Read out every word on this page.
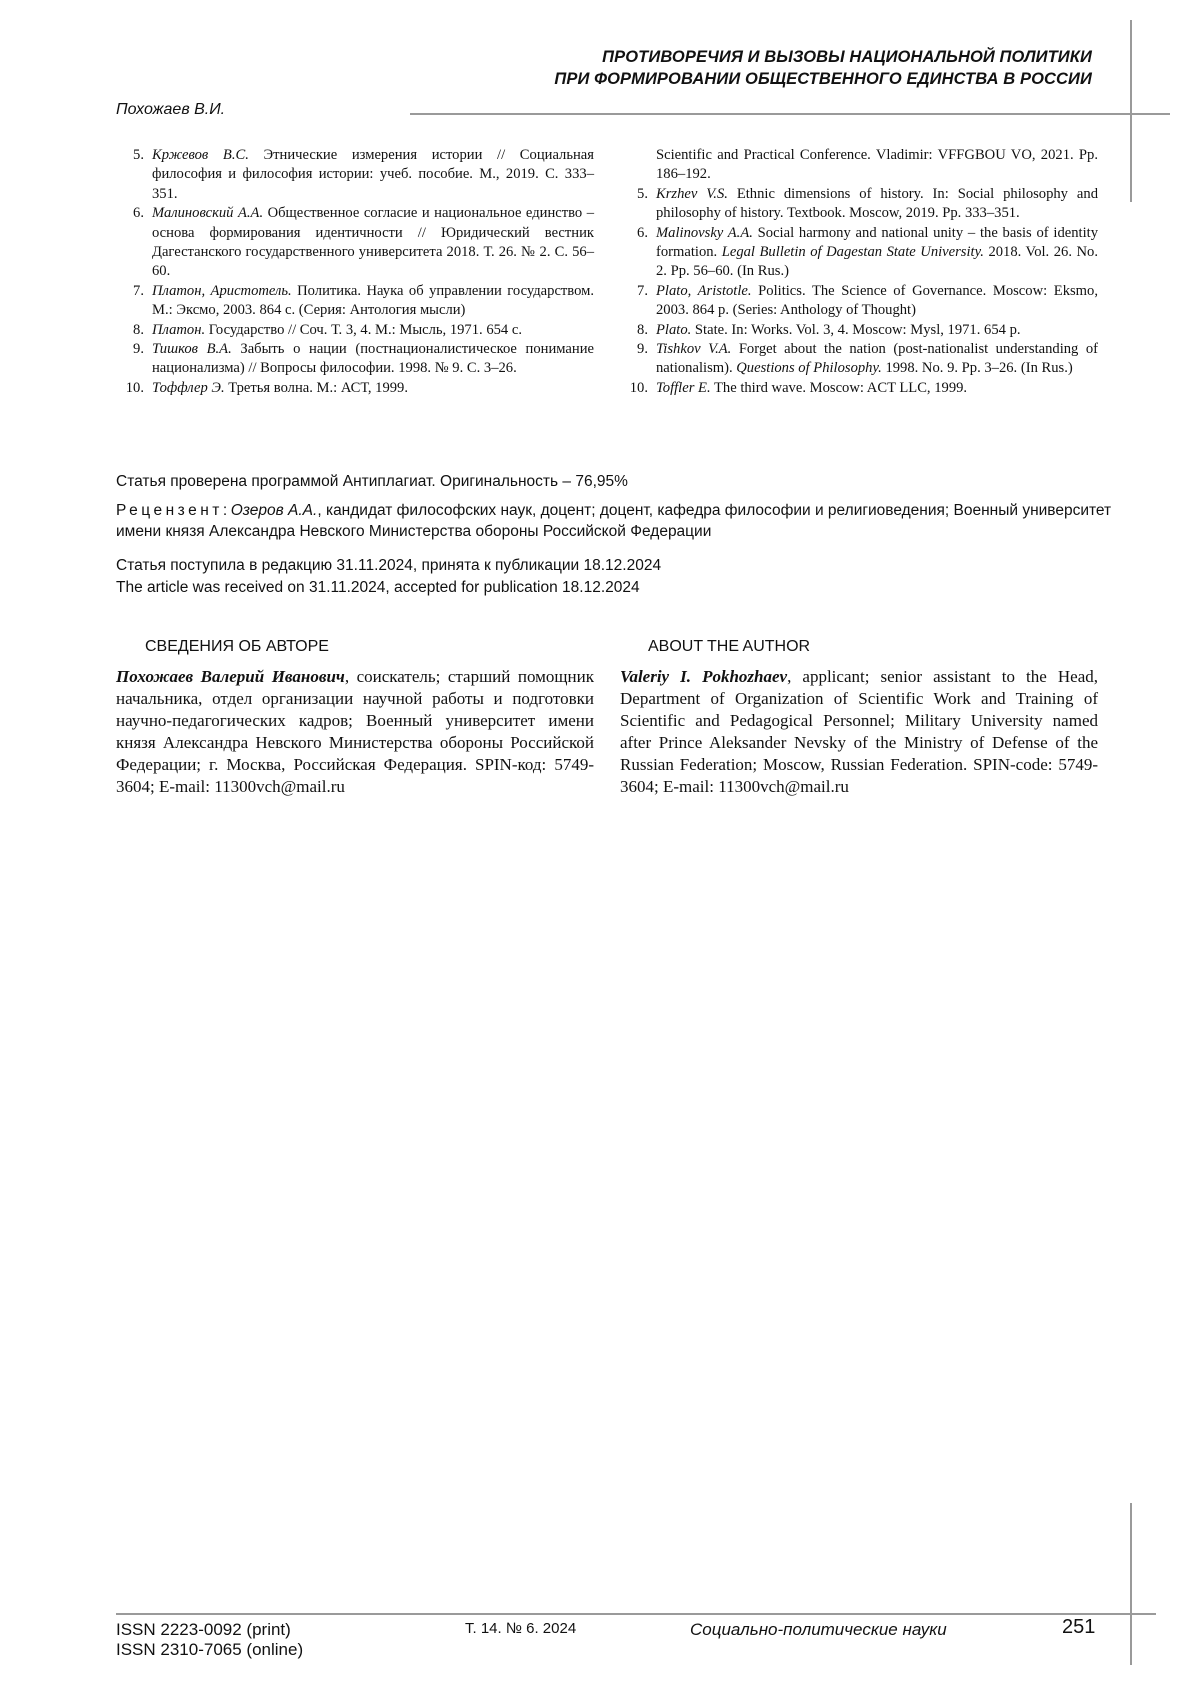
ПРОТИВОРЕЧИЯ И ВЫЗОВЫ НАЦИОНАЛЬНОЙ ПОЛИТИКИ
ПРИ ФОРМИРОВАНИИ ОБЩЕСТВЕННОГО ЕДИНСТВА В РОССИИ
Похожаев В.И.
5. Кржевов В.С. Этнические измерения истории // Социальная философия и философия истории: учеб. пособие. М., 2019. С. 333–351.
6. Малиновский А.А. Общественное согласие и национальное единство – основа формирования идентичности // Юридический вестник Дагестанского государственного университета 2018. Т. 26. № 2. С. 56–60.
7. Платон, Аристотель. Политика. Наука об управлении государством. М.: Эксмо, 2003. 864 с. (Серия: Антология мысли)
8. Платон. Государство // Соч. Т. 3, 4. М.: Мысль, 1971. 654 с.
9. Тишков В.А. Забыть о нации (постнационалистическое понимание национализма) // Вопросы философии. 1998. № 9. С. 3–26.
10. Тоффлер Э. Третья волна. М.: АСТ, 1999.
Scientific and Practical Conference. Vladimir: VFFGBOU VO, 2021. Pp. 186–192.
5. Krzhev V.S. Ethnic dimensions of history. In: Social philosophy and philosophy of history. Textbook. Moscow, 2019. Pp. 333–351.
6. Malinovsky A.A. Social harmony and national unity – the basis of identity formation. Legal Bulletin of Dagestan State University. 2018. Vol. 26. No. 2. Pp. 56–60. (In Rus.)
7. Plato, Aristotle. Politics. The Science of Governance. Moscow: Eksmo, 2003. 864 p. (Series: Anthology of Thought)
8. Plato. State. In: Works. Vol. 3, 4. Moscow: Mysl, 1971. 654 p.
9. Tishkov V.A. Forget about the nation (post-nationalist understanding of nationalism). Questions of Philosophy. 1998. No. 9. Pp. 3–26. (In Rus.)
10. Toffler E. The third wave. Moscow: ACT LLC, 1999.
Статья проверена программой Антиплагиат. Оригинальность – 76,95%
Рецензент:Озеров А.А., кандидат философских наук, доцент; доцент, кафедра философии и религиоведения; Военный университет имени князя Александра Невского Министерства обороны Российской Федерации
Статья поступила в редакцию 31.11.2024, принята к публикации 18.12.2024
The article was received on 31.11.2024, accepted for publication 18.12.2024
СВЕДЕНИЯ ОБ АВТОРЕ	ABOUT THE AUTHOR
Похожаев Валерий Иванович, соискатель; старший помощник начальника, отдел организации научной работы и подготовки научно-педагогических кадров; Военный университет имени князя Александра Невского Министерства обороны Российской Федерации; г. Москва, Российская Федерация. SPIN-код: 5749-3604; E-mail: 11300vch@mail.ru
Valeriy I. Pokhozhaev, applicant; senior assistant to the Head, Department of Organization of Scientific Work and Training of Scientific and Pedagogical Personnel; Military University named after Prince Aleksander Nevsky of the Ministry of Defense of the Russian Federation; Moscow, Russian Federation. SPIN-code: 5749-3604; E-mail: 11300vch@mail.ru
ISSN 2223-0092 (print)
ISSN 2310-7065 (online)
Т. 14. № 6. 2024	Социально-политические науки	251
